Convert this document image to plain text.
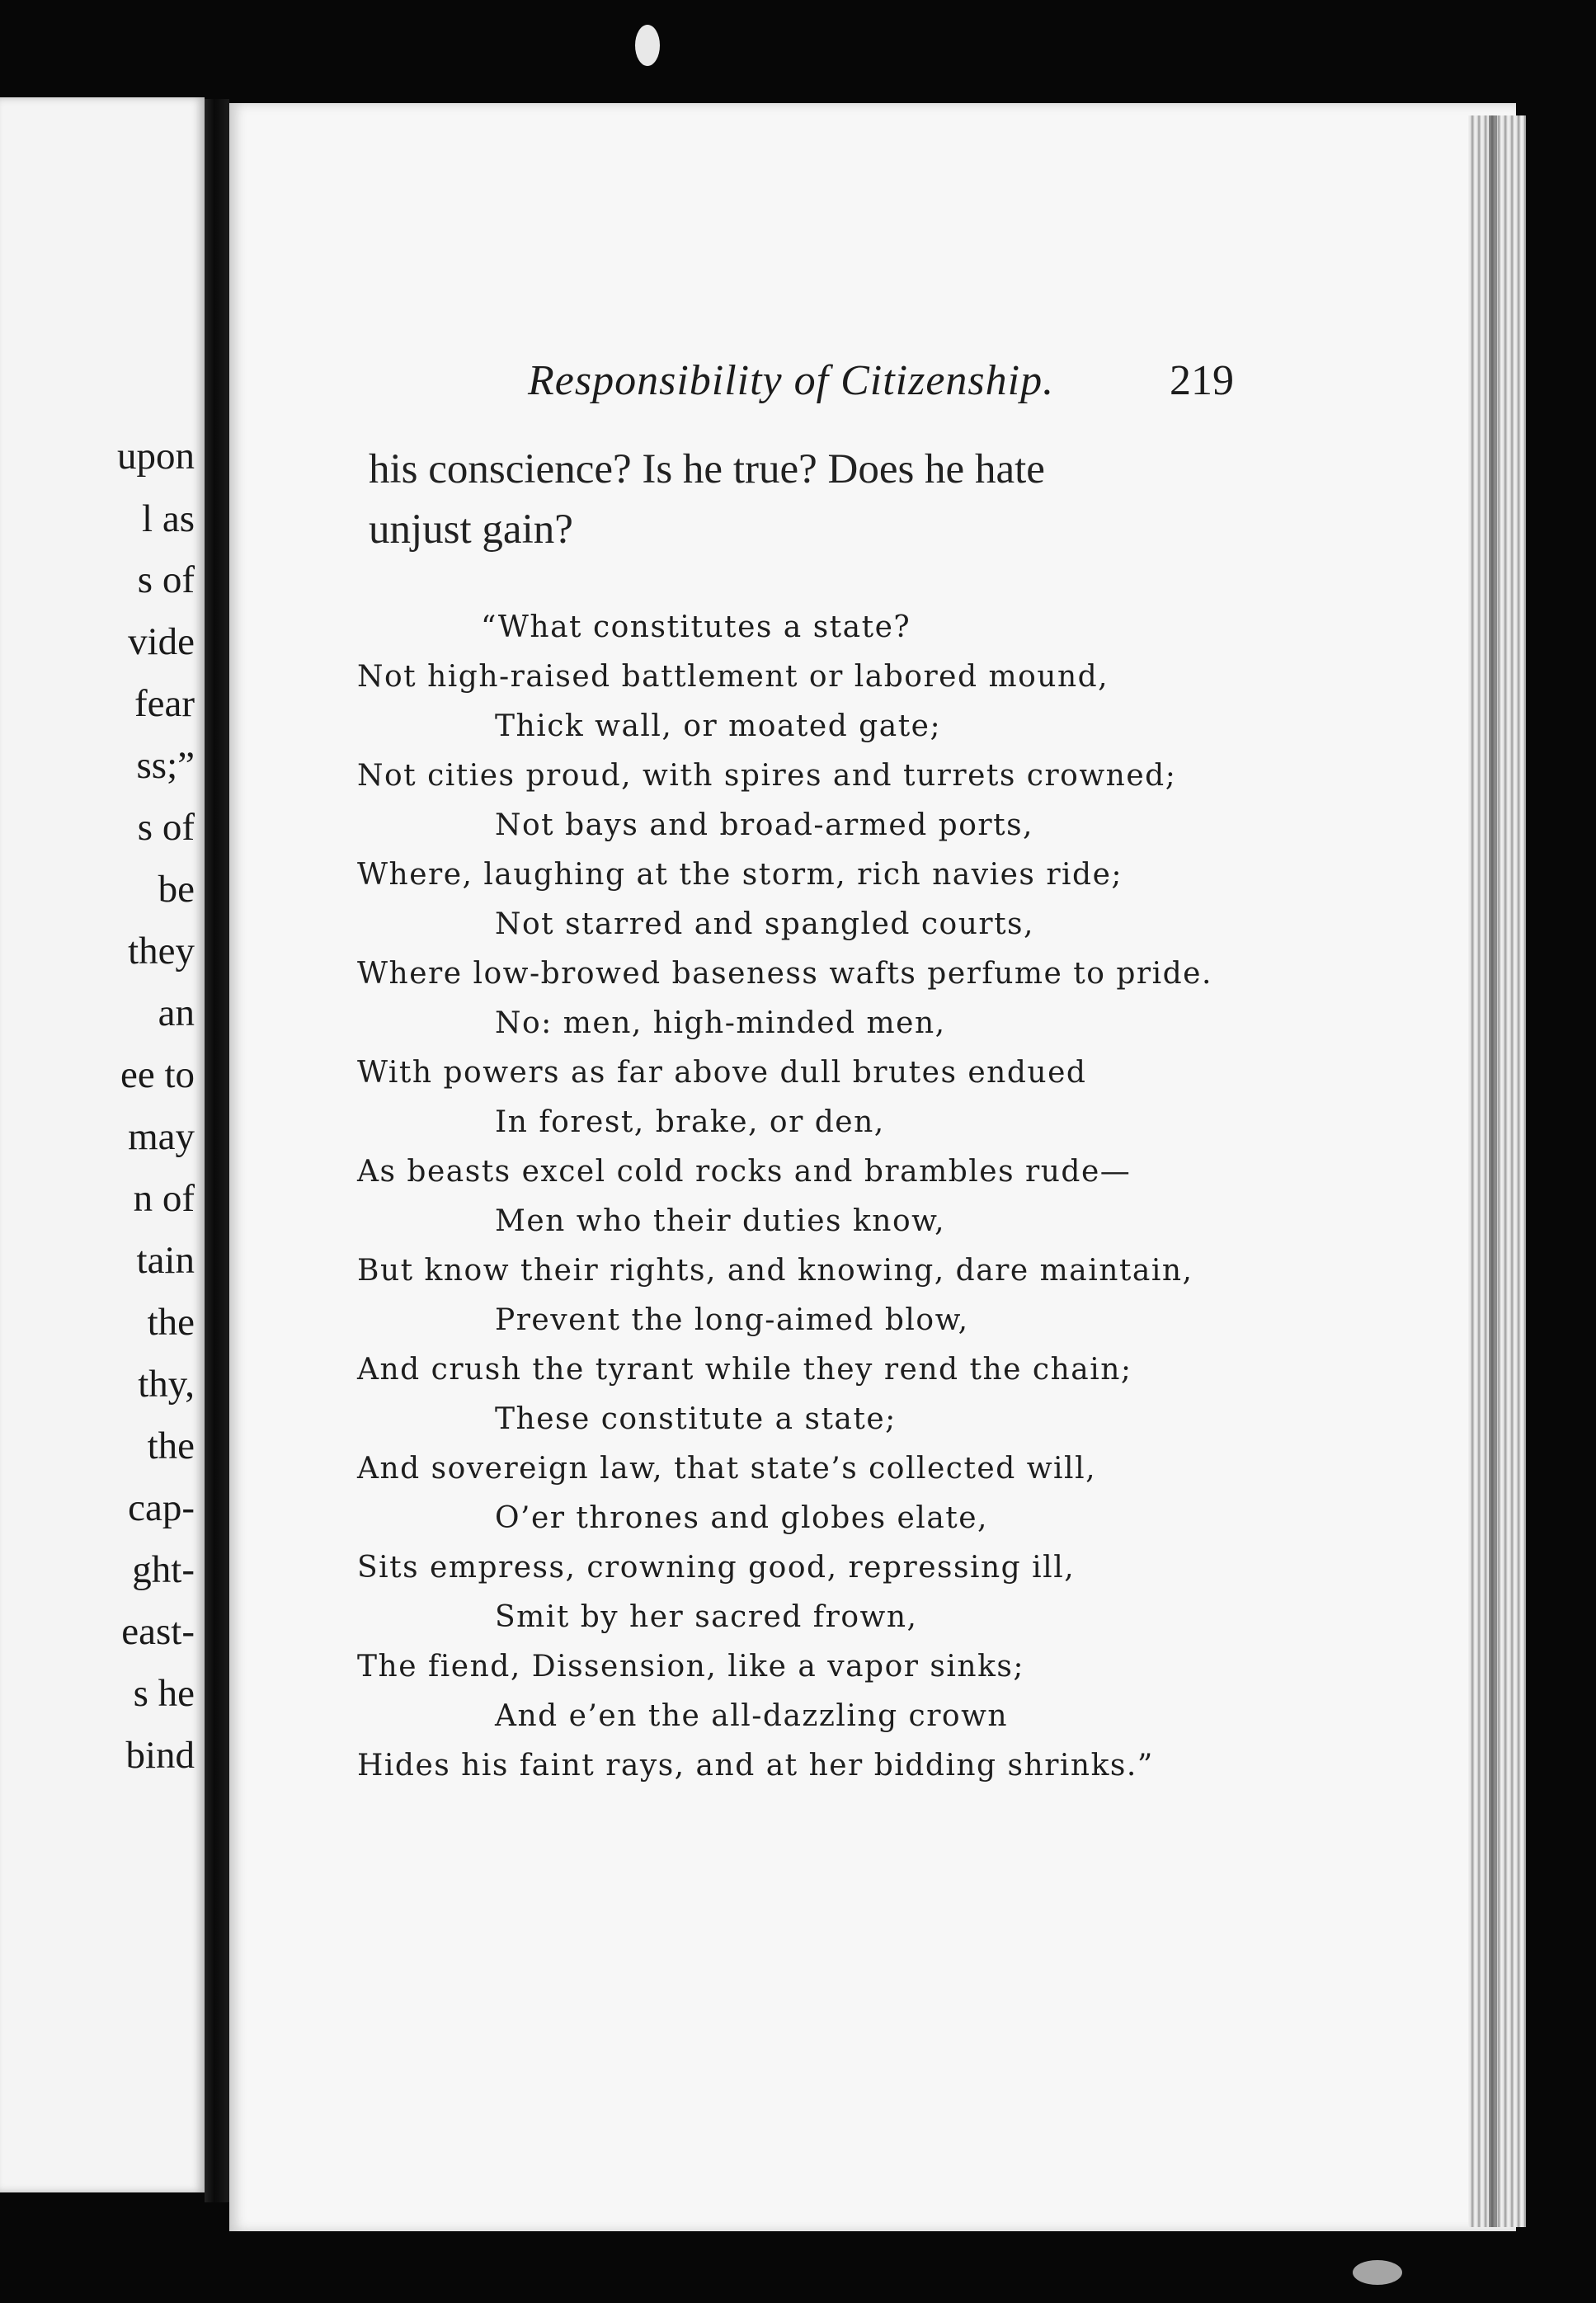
upon
l as
s of
vide
fear
ss;”
s of
be
they
an
ee to
may
n of
tain
the
thy,
the
cap-
ght-
east-
s he
bind
Responsibility of Citizenship.	219
his conscience? Is he true? Does he hate
unjust gain?
“What constitutes a state?
Not high-raised battlement or labored mound,
Thick wall, or moated gate;
Not cities proud, with spires and turrets crowned;
Not bays and broad-armed ports,
Where, laughing at the storm, rich navies ride;
Not starred and spangled courts,
Where low-browed baseness wafts perfume to pride.
No: men, high-minded men,
With powers as far above dull brutes endued
In forest, brake, or den,
As beasts excel cold rocks and brambles rude—
Men who their duties know,
But know their rights, and knowing, dare maintain,
Prevent the long-aimed blow,
And crush the tyrant while they rend the chain;
These constitute a state;
And sovereign law, that state’s collected will,
O’er thrones and globes elate,
Sits empress, crowning good, repressing ill,
Smit by her sacred frown,
The fiend, Dissension, like a vapor sinks;
And e’en the all-dazzling crown
Hides his faint rays, and at her bidding shrinks.”
